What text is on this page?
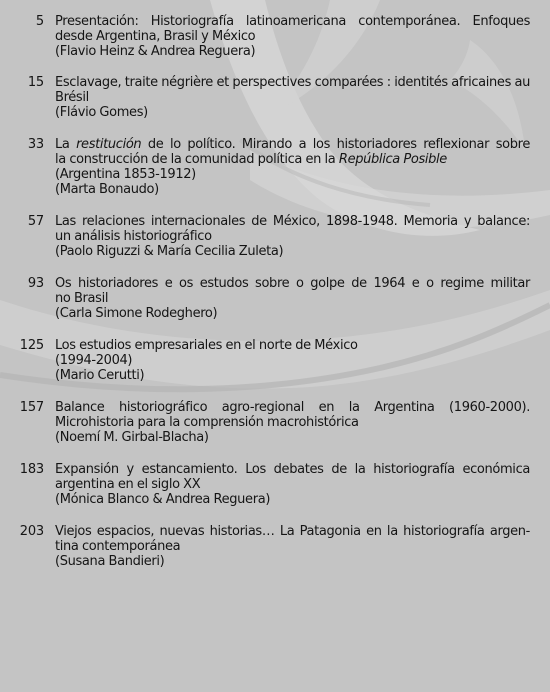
5 Presentación: Historiografía latinoamericana contemporánea. Enfoques
desde Argentina, Brasil y México
(Flavio Heinz & Andrea Reguera)
15 Esclavage, traite négrière et perspectives comparées : identités africaines au
Brésil
(Flávio Gomes)
33 La restitución de lo político. Mirando a los historiadores reflexionar sobre
la construcción de la comunidad política en la República Posible
(Argentina 1853-1912)
(Marta Bonaudo)
57 Las relaciones internacionales de México, 1898-1948. Memoria y balance:
un análisis historiográfico
(Paolo Riguzzi & María Cecilia Zuleta)
93 Os historiadores e os estudos sobre o golpe de 1964 e o regime militar
no Brasil
(Carla Simone Rodeghero)
125 Los estudios empresariales en el norte de México
(1994-2004)
(Mario Cerutti)
157 Balance historiográfico agro-regional en la Argentina (1960-2000).
Microhistoria para la comprensión macrohistórica
(Noemí M. Girbal-Blacha)
183 Expansión y estancamiento. Los debates de la historiografía económica
argentina en el siglo XX
(Mónica Blanco & Andrea Reguera)
203 Viejos espacios, nuevas historias… La Patagonia en la historiografía argen-
tina contemporánea
(Susana Bandieri)
